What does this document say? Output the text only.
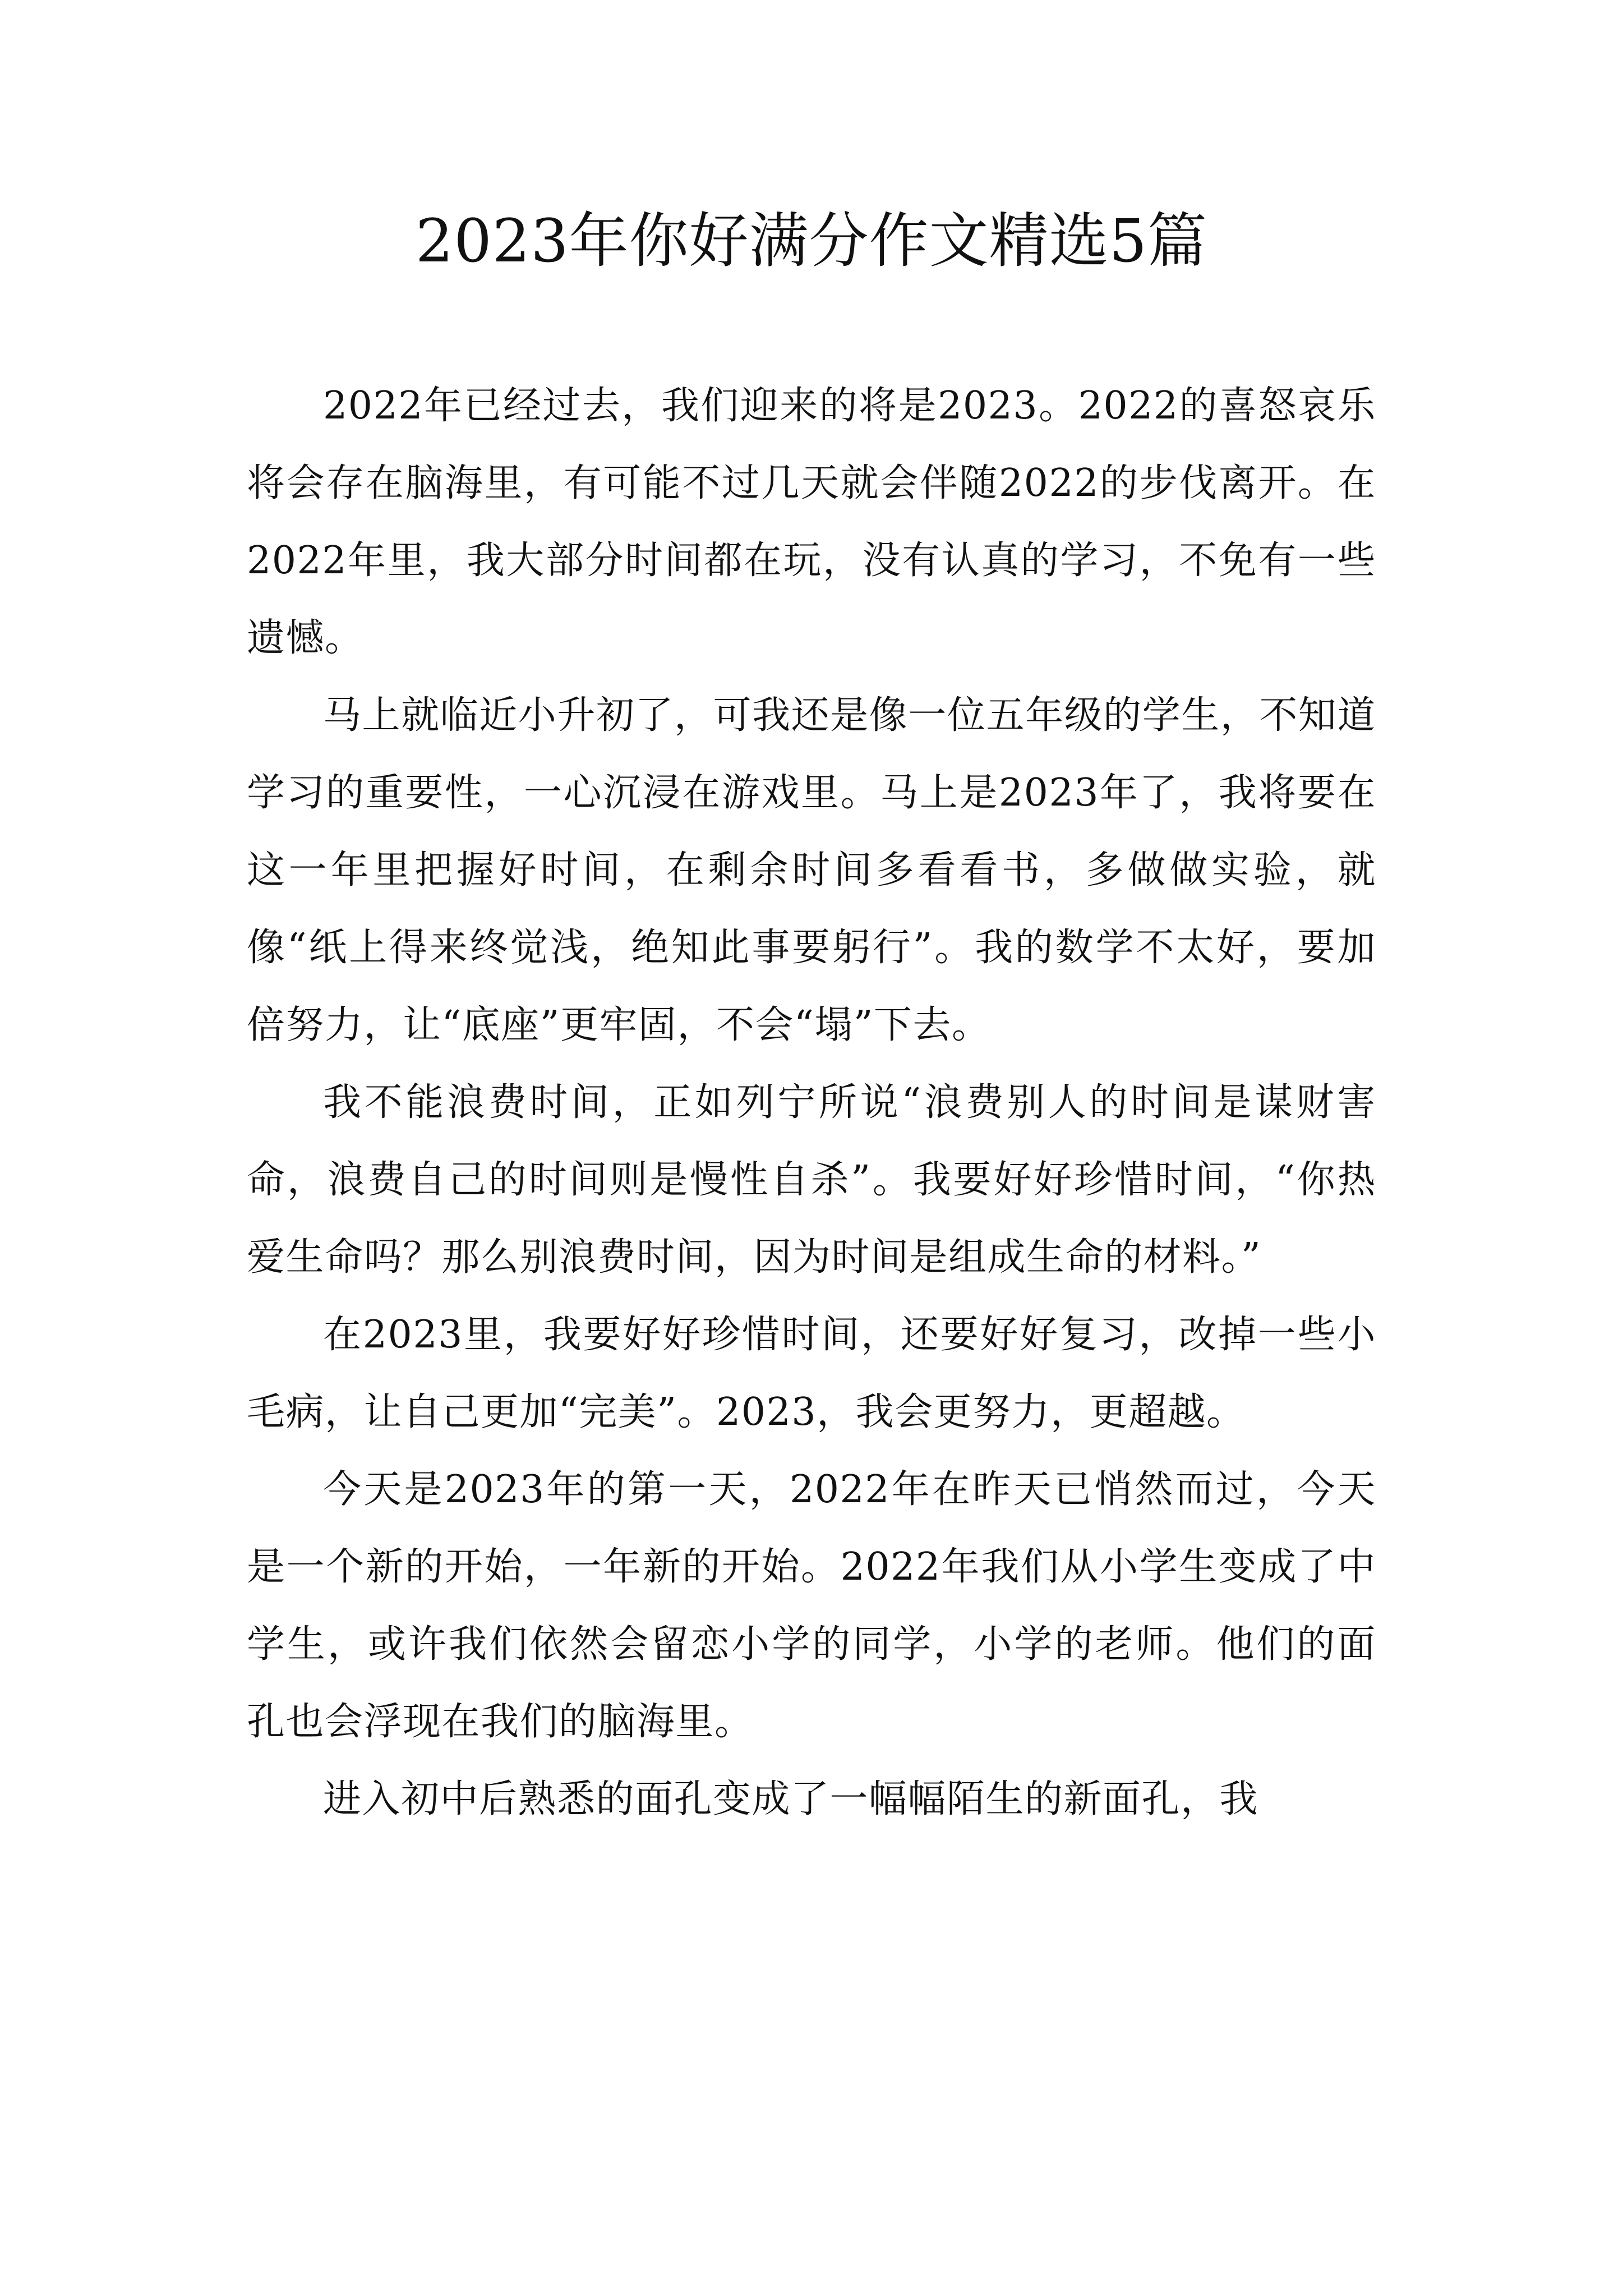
2023年你好满分作文精选5篇

2022年已经过去，我们迎来的将是2023。2022的喜怒哀乐将会存在脑海里，有可能不过几天就会伴随2022的步伐离开。在2022年里，我大部分时间都在玩，没有认真的学习，不免有一些遗憾。

马上就临近小升初了，可我还是像一位五年级的学生，不知道学习的重要性，一心沉浸在游戏里。马上是2023年了，我将要在这一年里把握好时间，在剩余时间多看看书，多做做实验，就像“纸上得来终觉浅，绝知此事要躬行”。我的数学不太好，要加倍努力，让“底座”更牢固，不会“塌”下去。

我不能浪费时间，正如列宁所说“浪费别人的时间是谋财害命，浪费自己的时间则是慢性自杀”。我要好好珍惜时间，“你热爱生命吗？那么别浪费时间，因为时间是组成生命的材料。”

在2023里，我要好好珍惜时间，还要好好复习，改掉一些小毛病，让自己更加“完美”。2023，我会更努力，更超越。

今天是2023年的第一天，2022年在昨天已悄然而过，今天是一个新的开始，一年新的开始。2022年我们从小学生变成了中学生，或许我们依然会留恋小学的同学，小学的老师。他们的面孔也会浮现在我们的脑海里。

进入初中后熟悉的面孔变成了一幅幅陌生的新面孔，我
